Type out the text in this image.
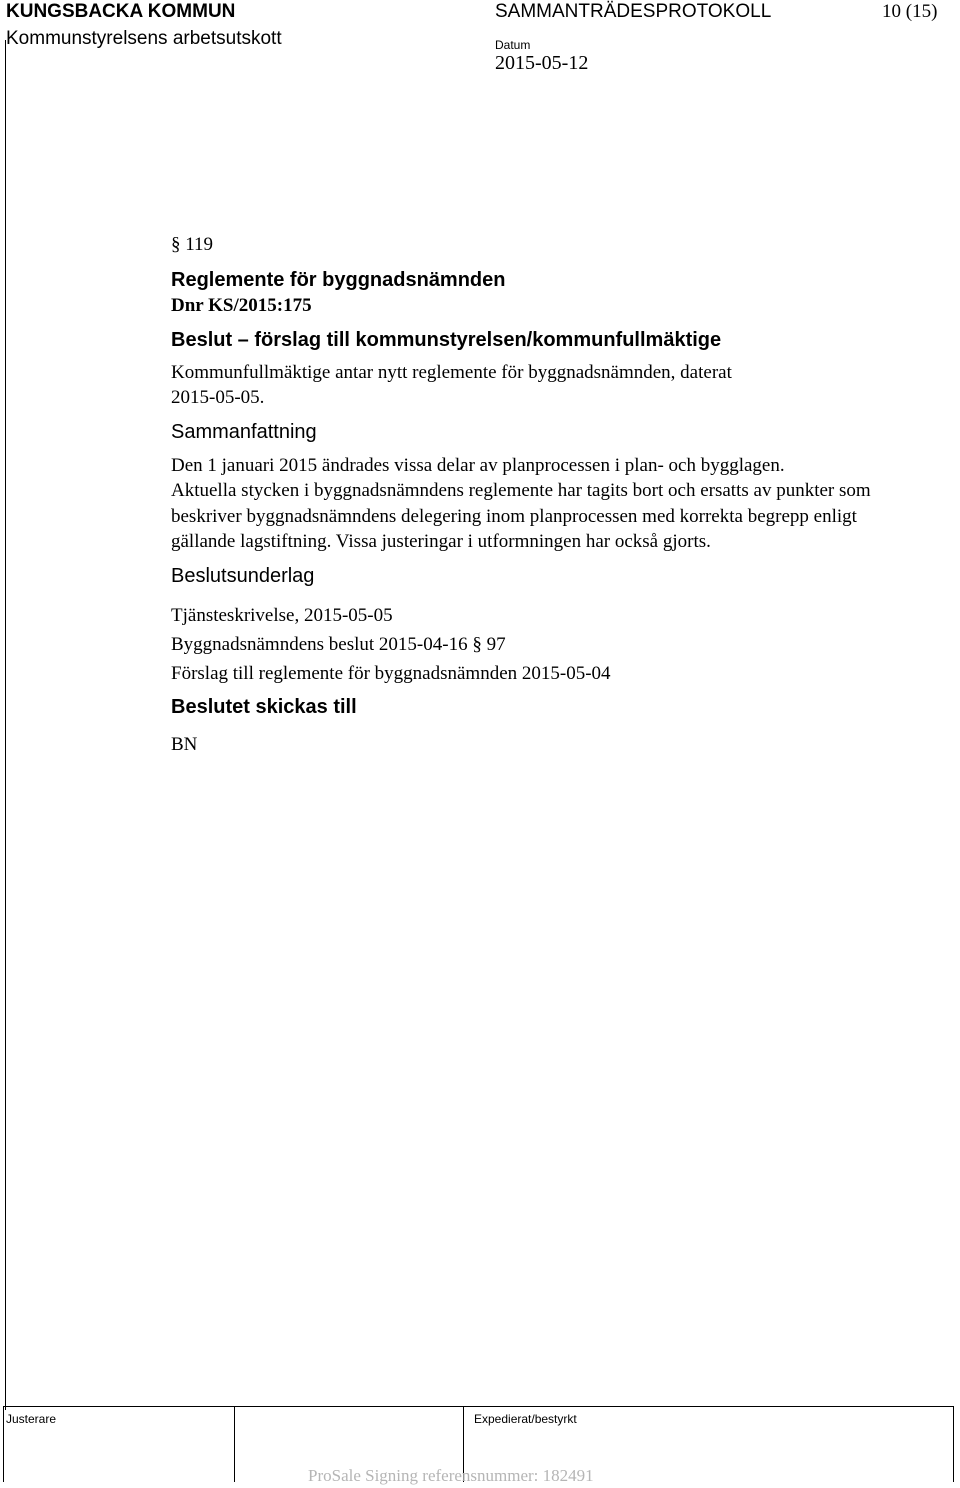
KUNGSBACKA KOMMUN
Kommunstyrelsens arbetsutskott
SAMMANTRÄDESPROTOKOLL	10 (15)
Datum
2015-05-12

§ 119

Reglemente för byggnadsnämnden

Dnr KS/2015:175

Beslut – förslag till kommunstyrelsen/kommunfullmäktige

Kommunfullmäktige antar nytt reglemente för byggnadsnämnden, daterat 2015-05-05.

Sammanfattning

Den 1 januari 2015 ändrades vissa delar av planprocessen i plan- och bygglagen.

Aktuella stycken i byggnadsnämndens reglemente har tagits bort och ersatts av punkter som beskriver byggnadsnämndens delegering inom planprocessen med korrekta begrepp enligt gällande lagstiftning. Vissa justeringar i utformningen har också gjorts.

Beslutsunderlag

Tjänsteskrivelse, 2015-05-05

Byggnadsnämndens beslut 2015-04-16 § 97

Förslag till reglemente för byggnadsnämnden 2015-05-04

Beslutet skickas till

BN

Justerare	Expedierat/bestyrkt
ProSale Signing referensnummer: 182491
